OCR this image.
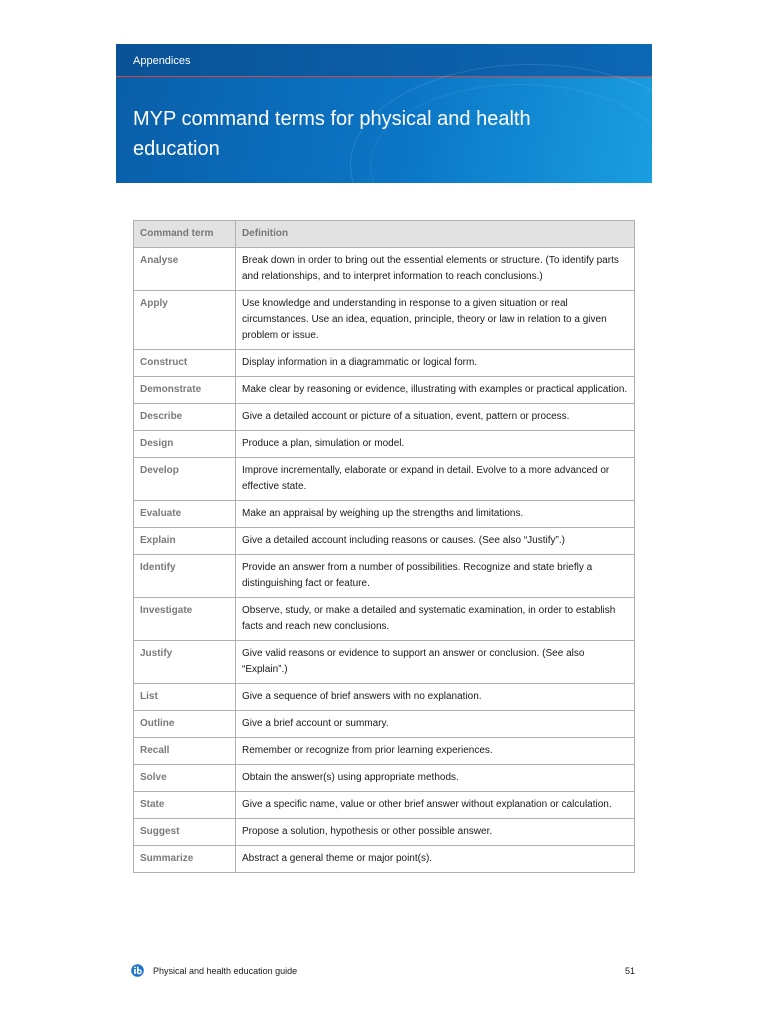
Appendices
MYP command terms for physical and health education
Command term	Definition
Analyse	Break down in order to bring out the essential elements or structure. (To identify parts and relationships, and to interpret information to reach conclusions.)
Apply	Use knowledge and understanding in response to a given situation or real circumstances. Use an idea, equation, principle, theory or law in relation to a given problem or issue.
Construct	Display information in a diagrammatic or logical form.
Demonstrate	Make clear by reasoning or evidence, illustrating with examples or practical application.
Describe	Give a detailed account or picture of a situation, event, pattern or process.
Design	Produce a plan, simulation or model.
Develop	Improve incrementally, elaborate or expand in detail. Evolve to a more advanced or effective state.
Evaluate	Make an appraisal by weighing up the strengths and limitations.
Explain	Give a detailed account including reasons or causes. (See also “Justify”.)
Identify	Provide an answer from a number of possibilities. Recognize and state briefly a distinguishing fact or feature.
Investigate	Observe, study, or make a detailed and systematic examination, in order to establish facts and reach new conclusions.
Justify	Give valid reasons or evidence to support an answer or conclusion. (See also “Explain”.)
List	Give a sequence of brief answers with no explanation.
Outline	Give a brief account or summary.
Recall	Remember or recognize from prior learning experiences.
Solve	Obtain the answer(s) using appropriate methods.
State	Give a specific name, value or other brief answer without explanation or calculation.
Suggest	Propose a solution, hypothesis or other possible answer.
Summarize	Abstract a general theme or major point(s).
Physical and health education guide	51
